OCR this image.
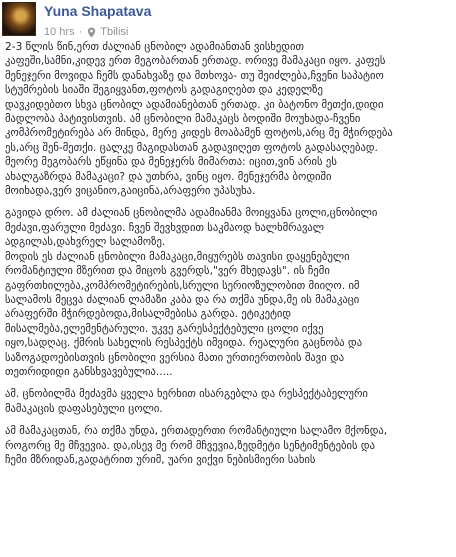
Yuna Shapatava
10 hrs · Tbilisi
2-3 წლის წინ,ერთ ძალიან ცნობილ ადამიანთან ვისხედით
კაფეში,სამნი,კიდევ ერთ მეგობართან ერთად. ორივე მამაკაცი იყო. კაფეს
მენეჯერი მოვიდა ჩემს დანახვაზე და მთხოვა- თუ შეიძლება,ჩვენი საპატიო
სტუმრების სიაში შეგიყვანთ,ფოტოს გადაგიღებთ და კედელზე
დავკიდებთო სხვა ცნობილ ადამიანებთან ერთად. კი ბატონო მეთქი,დიდი
მადლობა პატივისთვის. ამ ცნობილი მამაკაცს ბოდიში მოუხადა-ჩვენი
კომპრომეტირება არ მინდა, მერე კიდეს მოაბამენ ფოტოს,არც მე მჭირდება
ეს,არც შენ-მეთქი. ცალკე მაგიდასთან გადავიღეთ ფოტოს გადასაღებად.
მეორე მეგობარს ეწყინა და მენეჯერს მიმართა: იცით,ვინ არის ეს
ახალგაზრდა მამაკაცი? და უთხრა, ვინც იყო. მენეჯერმა ბოდიში
მოიხადა,ვერ ვიცანიო,გაიცინა,არაფერი უპასუხა.
გავიდა დრო. ამ ძალიან ცნობილმა ადამიანმა მოიყვანა ცოლი,ცნობილი
მეძავი,ფარული მეძავი. ჩვენ შევხვდით საკმაოდ ხალხმრავალ
ადგილას,დახვრელ სალამოზე.
მოდის ეს ძალიან ცნობილი მამაკაცი,მიყურებს თავისი დაყენებული
რომანტიული მზერით და მიცოს გვერდს,"ვერ მხედავს". ის ჩემი
გაფრთხილება,კომპრომეტირების,სრული სერიოზულობით მიიღო. იმ
სალამოს მეცვა ძალიან ლამაზი კაბა და რა თქმა უნდა,მე ის მამაკაცი
არაფერში მჭირდებოდა,მისალმებისა გარდა. ეტიკეტიდ
მისალმება,ელემენტარული. უკვე გარესპექტებული ცოლი იქვე
იყო,სადღაც. ქმრის სახელის რესპექტს იმვიდა. რეალური გაცნობა და
საზოგადოებისთვის ცნობილი ვერსია მათი ურთიერთობის შავი და
თეთრიდიდი განსხვავებულია.....
ამ. ცნობილმა მეძავმა ყველა ხერხით ისარგებლა და რესპექტაბელური
მამაკაცის დაფასებული ცოლი.
ამ მამაკაცთან, რა თქმა უნდა, ერთადერთი რომანტიული სალამო მქონდა,
როგორც მე მჩვევია. და,ისევ მე რომ მჩვევია,ზედმეტი სენტიმენტების და
ჩემი მზრიდან,გადატრით ურიმ, უარი ვიქვი ნებისმიერი სახის
